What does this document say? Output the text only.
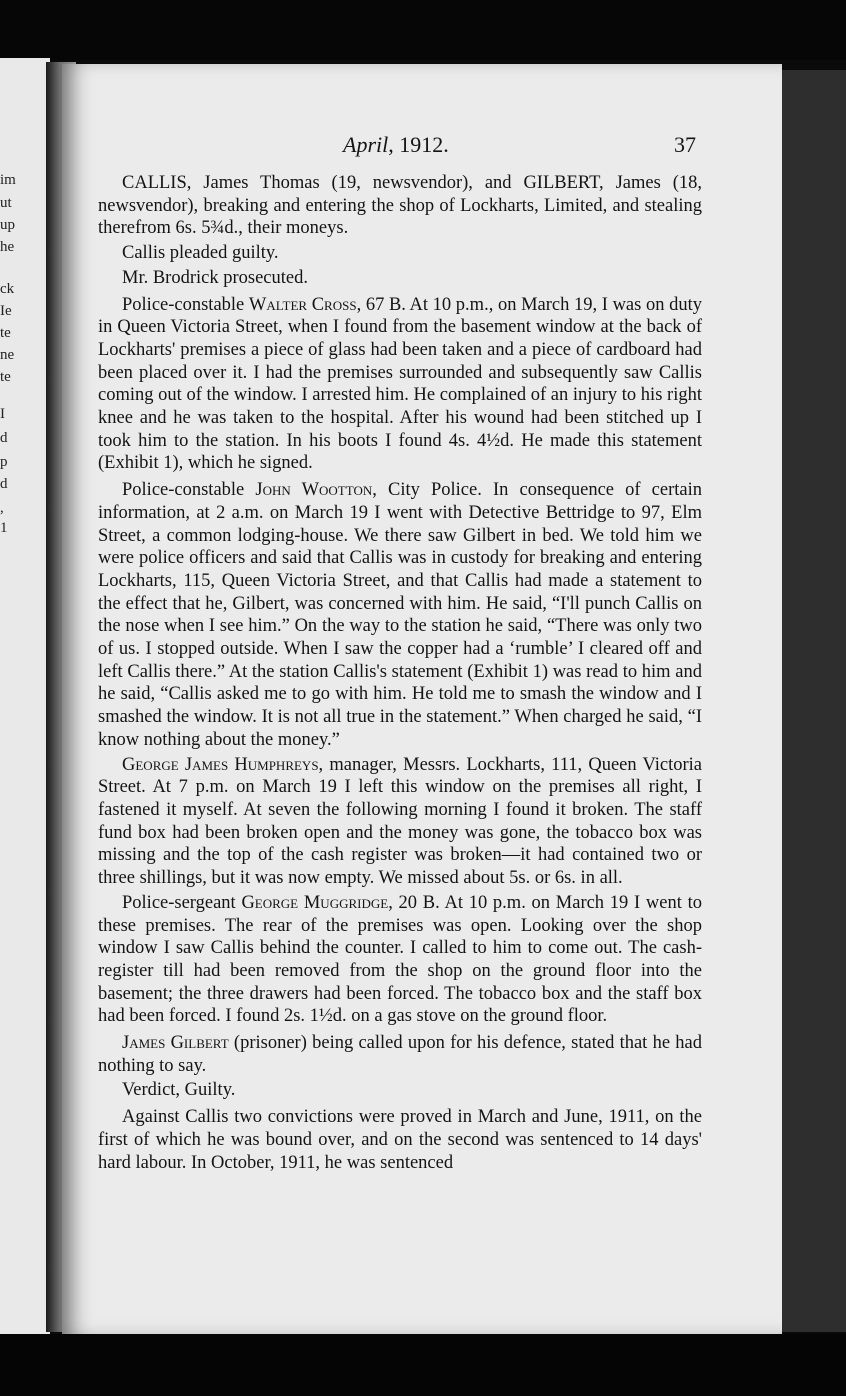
im
ut
up
he
ck
Ie
te
ne
te
I
d
p
d
,
1
April, 1912.	37

CALLIS, James Thomas (19, newsvendor), and GILBERT, James (18, newsvendor), breaking and entering the shop of Lockharts, Limited, and stealing therefrom 6s. 5¾d., their moneys.

Callis pleaded guilty.

Mr. Brodrick prosecuted.

Police-constable Walter Cross, 67 B. At 10 p.m., on March 19, I was on duty in Queen Victoria Street, when I found from the basement window at the back of Lockharts' premises a piece of glass had been taken and a piece of cardboard had been placed over it. I had the premises surrounded and subsequently saw Callis coming out of the window. I arrested him. He complained of an injury to his right knee and he was taken to the hospital. After his wound had been stitched up I took him to the station. In his boots I found 4s. 4½d. He made this statement (Exhibit 1), which he signed.

Police-constable John Wootton, City Police. In consequence of certain information, at 2 a.m. on March 19 I went with Detective Bettridge to 97, Elm Street, a common lodging-house. We there saw Gilbert in bed. We told him we were police officers and said that Callis was in custody for breaking and entering Lockharts, 115, Queen Victoria Street, and that Callis had made a statement to the effect that he, Gilbert, was concerned with him. He said, “I'll punch Callis on the nose when I see him.” On the way to the station he said, “There was only two of us. I stopped outside. When I saw the copper had a ‘rumble’ I cleared off and left Callis there.” At the station Callis's statement (Exhibit 1) was read to him and he said, “Callis asked me to go with him. He told me to smash the window and I smashed the window. It is not all true in the statement.” When charged he said, “I know nothing about the money.”

George James Humphreys, manager, Messrs. Lockharts, 111, Queen Victoria Street. At 7 p.m. on March 19 I left this window on the premises all right, I fastened it myself. At seven the following morning I found it broken. The staff fund box had been broken open and the money was gone, the tobacco box was missing and the top of the cash register was broken—it had contained two or three shillings, but it was now empty. We missed about 5s. or 6s. in all.

Police-sergeant George Muggridge, 20 B. At 10 p.m. on March 19 I went to these premises. The rear of the premises was open. Looking over the shop window I saw Callis behind the counter. I called to him to come out. The cash-register till had been removed from the shop on the ground floor into the basement; the three drawers had been forced. The tobacco box and the staff box had been forced. I found 2s. 1½d. on a gas stove on the ground floor.

James Gilbert (prisoner) being called upon for his defence, stated that he had nothing to say.

Verdict, Guilty.

Against Callis two convictions were proved in March and June, 1911, on the first of which he was bound over, and on the second was sentenced to 14 days' hard labour. In October, 1911, he was sentenced
